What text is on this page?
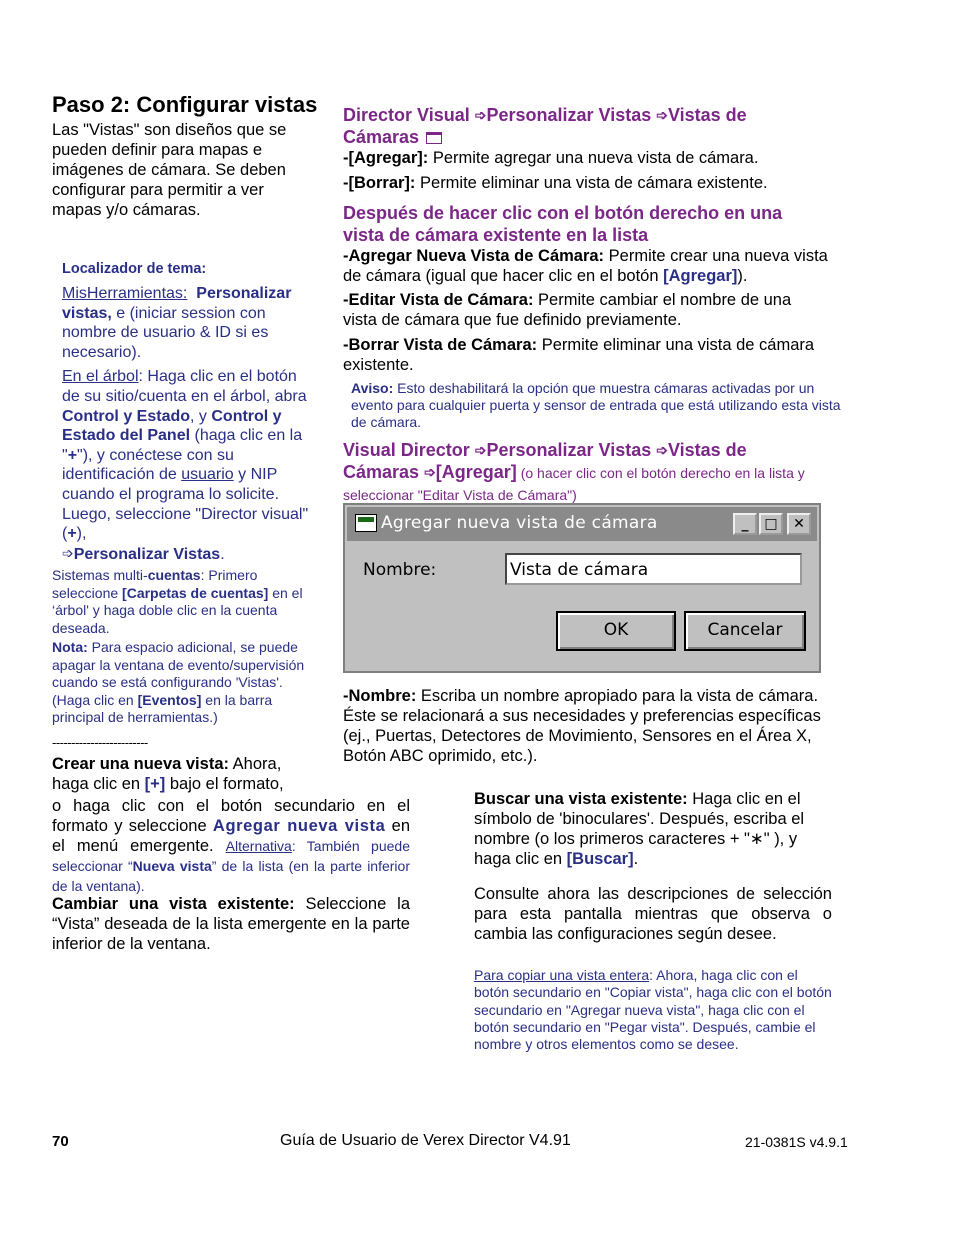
Paso 2: Configurar vistas

Las "Vistas" son diseños que se pueden definir para mapas e imágenes de cámara. Se deben configurar para permitir a ver mapas y/o cámaras.

Localizador de tema:

MisHerramientas: Personalizar vistas, e (iniciar session con nombre de usuario & ID si es necesario).

En el árbol: Haga clic en el botón de su sitio/cuenta en el árbol, abra Control y Estado, y Control y Estado del Panel (haga clic en la "+"), y conéctese con su identificación de usuario y NIP cuando el programa lo solicite. Luego, seleccione "Director visual" (+),
➩Personalizar Vistas.

Sistemas multi-cuentas: Primero seleccione [Carpetas de cuentas] en el ‘árbol' y haga doble clic en la cuenta deseada.
Nota: Para espacio adicional, se puede apagar la ventana de evento/supervisión cuando se está configurando 'Vistas'. (Haga clic en [Eventos] en la barra principal de herramientas.)
-------------------------
Crear una nueva vista: Ahora, haga clic en [+] bajo el formato,
o haga clic con el botón secundario en el formato y seleccione Agregar nueva vista en el menú emergente. Alternativa: También puede seleccionar “Nueva vista” de la lista (en la parte inferior de la ventana).
Cambiar una vista existente: Seleccione la “Vista” deseada de la lista emergente en la parte inferior de la ventana.
Director Visual ➩Personalizar Vistas ➩Vistas de
Cámaras
-[Agregar]: Permite agregar una nueva vista de cámara.
-[Borrar]: Permite eliminar una vista de cámara existente.
Después de hacer clic con el botón derecho en una vista de cámara existente en la lista
-Agregar Nueva Vista de Cámara: Permite crear una nueva vista de cámara (igual que hacer clic en el botón [Agregar]).
-Editar Vista de Cámara: Permite cambiar el nombre de una vista de cámara que fue definido previamente.
-Borrar Vista de Cámara: Permite eliminar una vista de cámara existente.
Aviso: Esto deshabilitará la opción que muestra cámaras activadas por un evento para cualquier puerta y sensor de entrada que está utilizando esta vista de cámara.
Visual Director ➩Personalizar Vistas ➩Vistas de
Cámaras ➩[Agregar] (o hacer clic con el botón derecho en la lista y seleccionar "Editar Vista de Cámara")
Agregar nueva vista de cámara	_	□	✕
Nombre:	Vista de cámara
OK	Cancelar
-Nombre: Escriba un nombre apropiado para la vista de cámara. Éste se relacionará a sus necesidades y preferencias específicas (ej., Puertas, Detectores de Movimiento, Sensores en el Área X, Botón ABC oprimido, etc.).
Buscar una vista existente: Haga clic en el símbolo de 'binoculares'. Después, escriba el nombre (o los primeros caracteres + "∗" ), y haga clic en [Buscar].

Consulte ahora las descripciones de selección para esta pantalla mientras que observa o cambia las configuraciones según desee.

Para copiar una vista entera: Ahora, haga clic con el botón secundario en "Copiar vista", haga clic con el botón secundario en "Agregar nueva vista", haga clic con el botón secundario en "Pegar vista". Después, cambie el nombre y otros elementos como se desee.
70	Guía de Usuario de Verex Director V4.91	21-0381S v4.9.1
